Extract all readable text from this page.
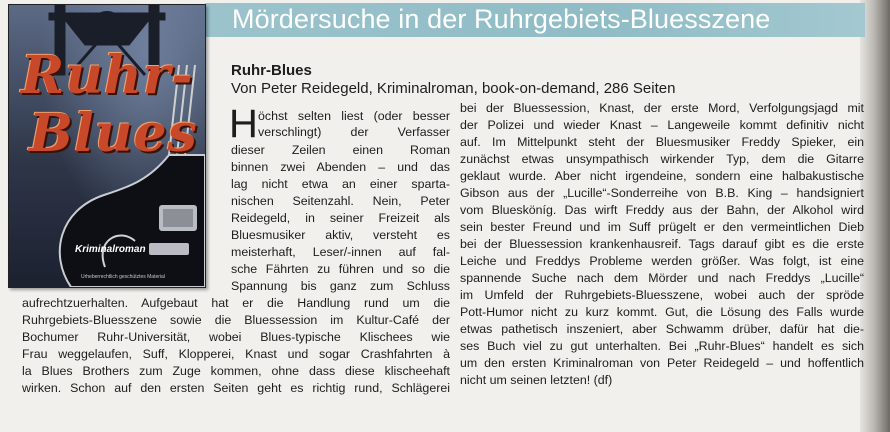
Mördersuche in der Ruhrgebiets-Bluesszene
Ruhr-
Blues
Kriminalroman
Urheberrechtlich geschütztes Material
Ruhr-Blues
Von Peter Reidegeld, Kriminalroman, book-on-demand, 286 Seiten
H öchst selten liest (oder besser
verschlingt) der Verfasser
dieser Zeilen einen Roman
binnen zwei Abenden – und das
lag nicht etwa an einer sparta-
nischen Seitenzahl. Nein, Peter
Reidegeld, in seiner Freizeit als
Bluesmusiker aktiv, versteht es
meisterhaft, Leser/-innen auf fal-
sche Fährten zu führen und so die
Spannung bis ganz zum Schluss
aufrechtzuerhalten. Aufgebaut hat er die Handlung rund um die
Ruhrgebiets-Bluesszene sowie die Bluessession im Kultur-Café der
Bochumer Ruhr-Universität, wobei Blues-typische Klischees wie
Frau weggelaufen, Suff, Klopperei, Knast und sogar Crashfahrten à
la Blues Brothers zum Zuge kommen, ohne dass diese klischeehaft
wirken. Schon auf den ersten Seiten geht es richtig rund, Schlägerei
bei der Bluessession, Knast, der erste Mord, Verfolgungsjagd mit
der Polizei und wieder Knast – Langeweile kommt definitiv nicht
auf. Im Mittelpunkt steht der Bluesmusiker Freddy Spieker, ein
zunächst etwas unsympathisch wirkender Typ, dem die Gitarre
geklaut wurde. Aber nicht irgendeine, sondern eine halbakustische
Gibson aus der „Lucille“-Sonderreihe von B.B. King – handsigniert
vom Bluesköníg. Das wirft Freddy aus der Bahn, der Alkohol wird
sein bester Freund und im Suff prügelt er den vermeintlichen Dieb
bei der Bluessession krankenhausreif. Tags darauf gibt es die erste
Leiche und Freddys Probleme werden größer. Was folgt, ist eine
spannende Suche nach dem Mörder und nach Freddys „Lucille“
im Umfeld der Ruhrgebiets-Bluesszene, wobei auch der spröde
Pott-Humor nicht zu kurz kommt. Gut, die Lösung des Falls wurde
etwas pathetisch inszeniert, aber Schwamm drüber, dafür hat die-
ses Buch viel zu gut unterhalten. Bei „Ruhr-Blues“ handelt es sich
um den ersten Kriminalroman von Peter Reidegeld – und hoffentlich
nicht um seinen letzten! (df)
